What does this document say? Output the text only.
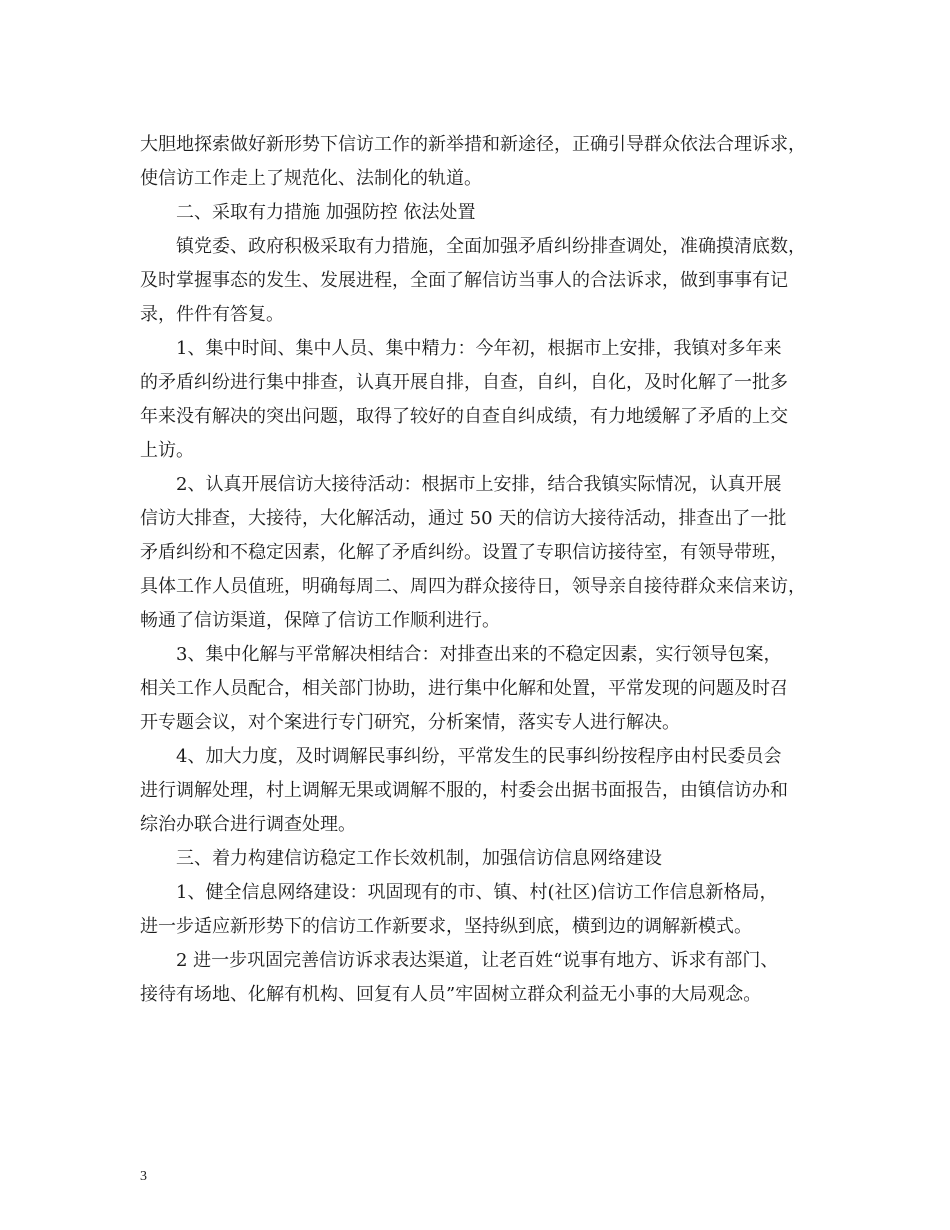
大胆地探索做好新形势下信访工作的新举措和新途径，正确引导群众依法合理诉求，
使信访工作走上了规范化、法制化的轨道。
二、采取有力措施 加强防控 依法处置
镇党委、政府积极采取有力措施，全面加强矛盾纠纷排查调处，准确摸清底数，
及时掌握事态的发生、发展进程，全面了解信访当事人的合法诉求，做到事事有记
录，件件有答复。
1、集中时间、集中人员、集中精力：今年初，根据市上安排，我镇对多年来
的矛盾纠纷进行集中排查，认真开展自排，自查，自纠，自化，及时化解了一批多
年来没有解决的突出问题，取得了较好的自查自纠成绩，有力地缓解了矛盾的上交
上访。
2、认真开展信访大接待活动：根据市上安排，结合我镇实际情况，认真开展
信访大排查，大接待，大化解活动，通过 50 天的信访大接待活动，排查出了一批
矛盾纠纷和不稳定因素，化解了矛盾纠纷。设置了专职信访接待室，有领导带班，
具体工作人员值班，明确每周二、周四为群众接待日，领导亲自接待群众来信来访，
畅通了信访渠道，保障了信访工作顺利进行。
3、集中化解与平常解决相结合：对排查出来的不稳定因素，实行领导包案，
相关工作人员配合，相关部门协助，进行集中化解和处置，平常发现的问题及时召
开专题会议，对个案进行专门研究，分析案情，落实专人进行解决。
4、加大力度，及时调解民事纠纷，平常发生的民事纠纷按程序由村民委员会
进行调解处理，村上调解无果或调解不服的，村委会出据书面报告，由镇信访办和
综治办联合进行调查处理。
三、着力构建信访稳定工作长效机制，加强信访信息网络建设
1、健全信息网络建设：巩固现有的市、镇、村(社区)信访工作信息新格局，
进一步适应新形势下的信访工作新要求，坚持纵到底，横到边的调解新模式。
2 进一步巩固完善信访诉求表达渠道，让老百姓“说事有地方、诉求有部门、
接待有场地、化解有机构、回复有人员”牢固树立群众利益无小事的大局观念。
3
